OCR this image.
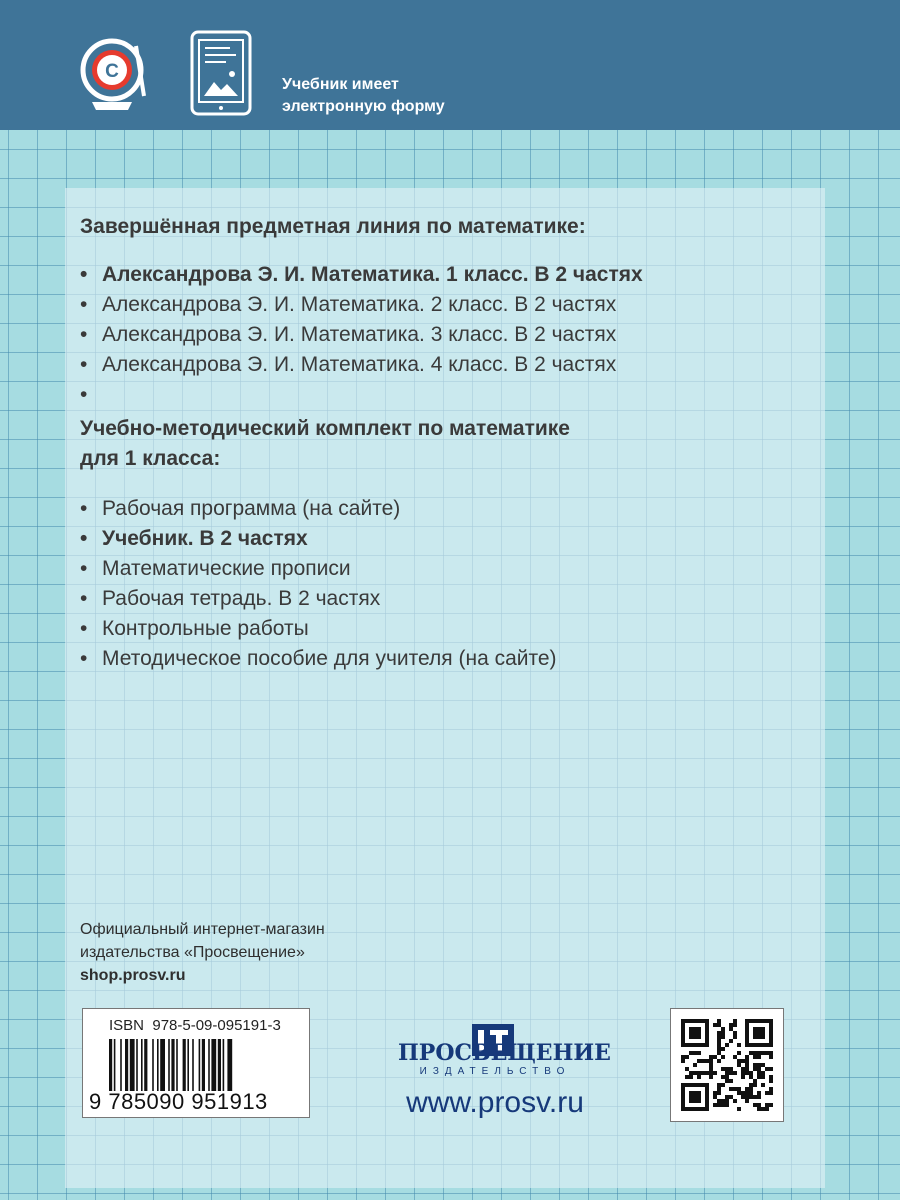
С
Учебник имеет
электронную форму

Завершённая предметная линия по математике:

• Александрова Э. И. Математика. 1 класс. В 2 частях
• Александрова Э. И. Математика. 2 класс. В 2 частях
• Александрова Э. И. Математика. 3 класс. В 2 частях
• Александрова Э. И. Математика. 4 класс. В 2 частях
•

Учебно-методический комплект по математике
для 1 класса:

• Рабочая программа (на сайте)
• Учебник. В 2 частях
• Математические прописи
• Рабочая тетрадь. В 2 частях
• Контрольные работы
• Методическое пособие для учителя (на сайте)
Официальный интернет-магазин
издательства «Просвещение»
shop.prosv.ru
ISBN 978-5-09-095191-3
9 785090 951913
ПРОСВЕЩЕНИЕ
ИЗДАТЕЛЬСТВО
www.prosv.ru
